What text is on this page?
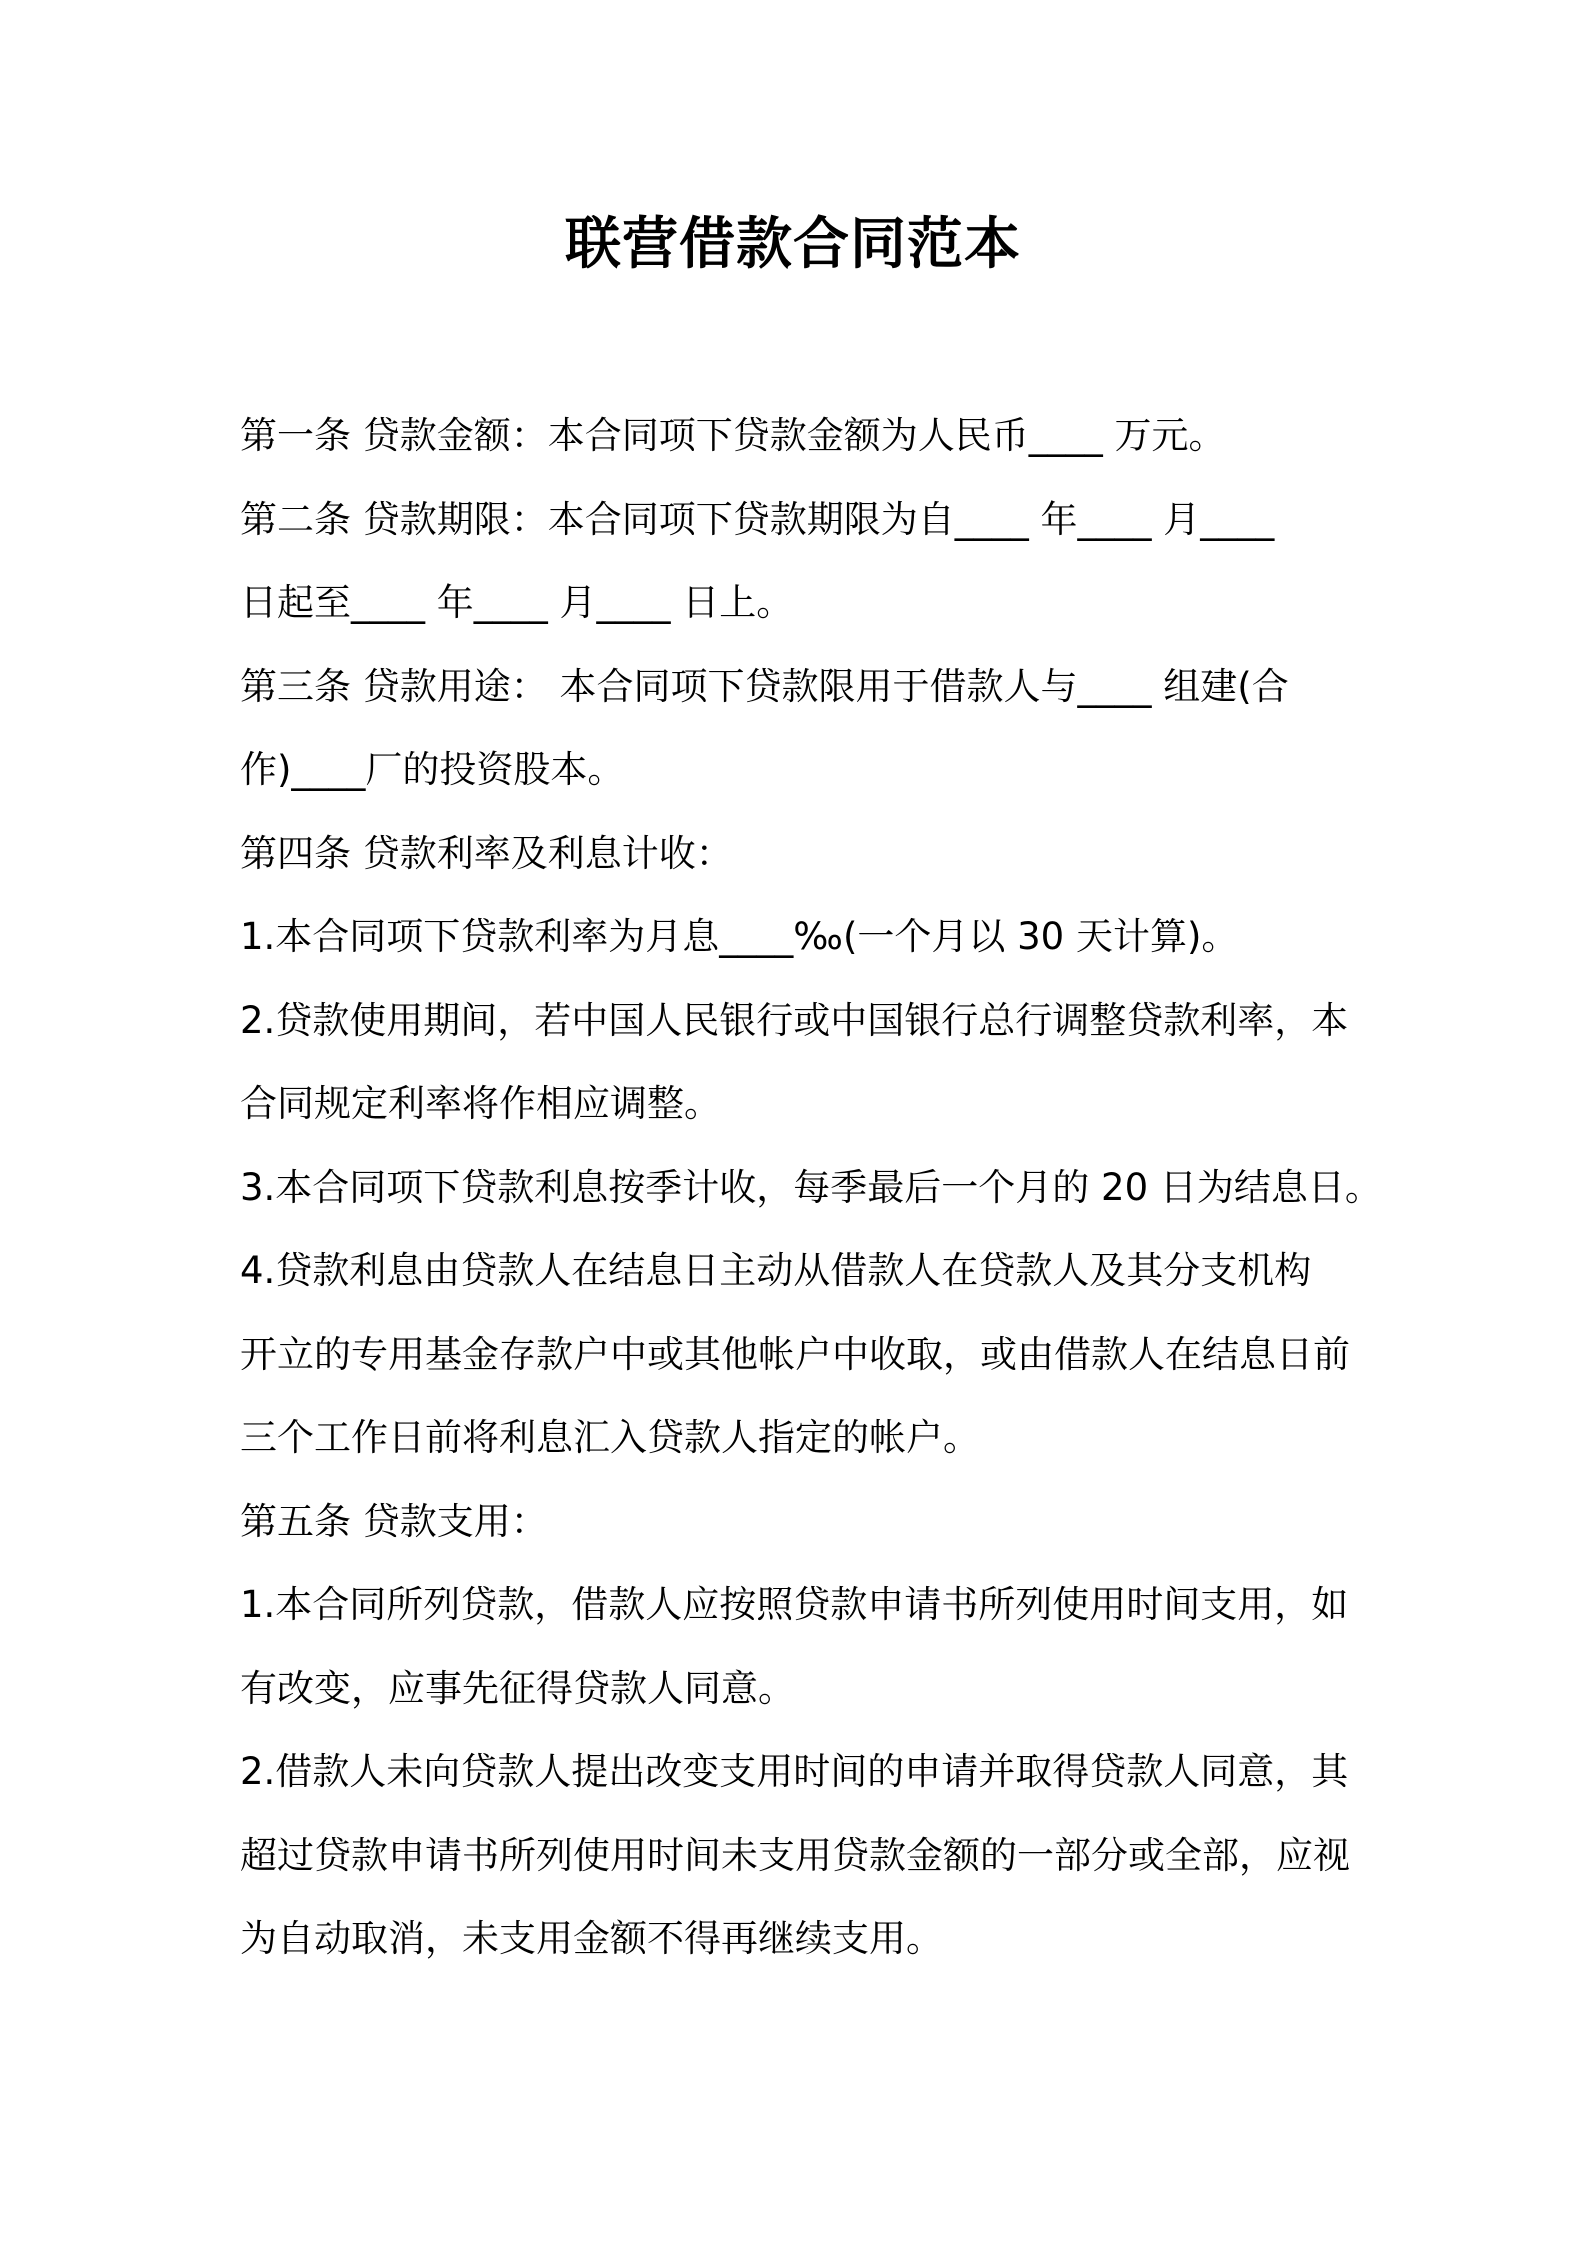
联营借款合同范本
第一条 贷款金额：本合同项下贷款金额为人民币____ 万元。
第二条 贷款期限：本合同项下贷款期限为自____ 年____ 月____
日起至____ 年____ 月____ 日上。
第三条 贷款用途： 本合同项下贷款限用于借款人与____ 组建(合
作)____厂的投资股本。
第四条 贷款利率及利息计收：
1.本合同项下贷款利率为月息____‰(一个月以 30 天计算)。
2.贷款使用期间，若中国人民银行或中国银行总行调整贷款利率，本
合同规定利率将作相应调整。
3.本合同项下贷款利息按季计收，每季最后一个月的 20 日为结息日。
4.贷款利息由贷款人在结息日主动从借款人在贷款人及其分支机构
开立的专用基金存款户中或其他帐户中收取，或由借款人在结息日前
三个工作日前将利息汇入贷款人指定的帐户。
第五条 贷款支用：
1.本合同所列贷款，借款人应按照贷款申请书所列使用时间支用，如
有改变，应事先征得贷款人同意。
2.借款人未向贷款人提出改变支用时间的申请并取得贷款人同意，其
超过贷款申请书所列使用时间未支用贷款金额的一部分或全部，应视
为自动取消，未支用金额不得再继续支用。
